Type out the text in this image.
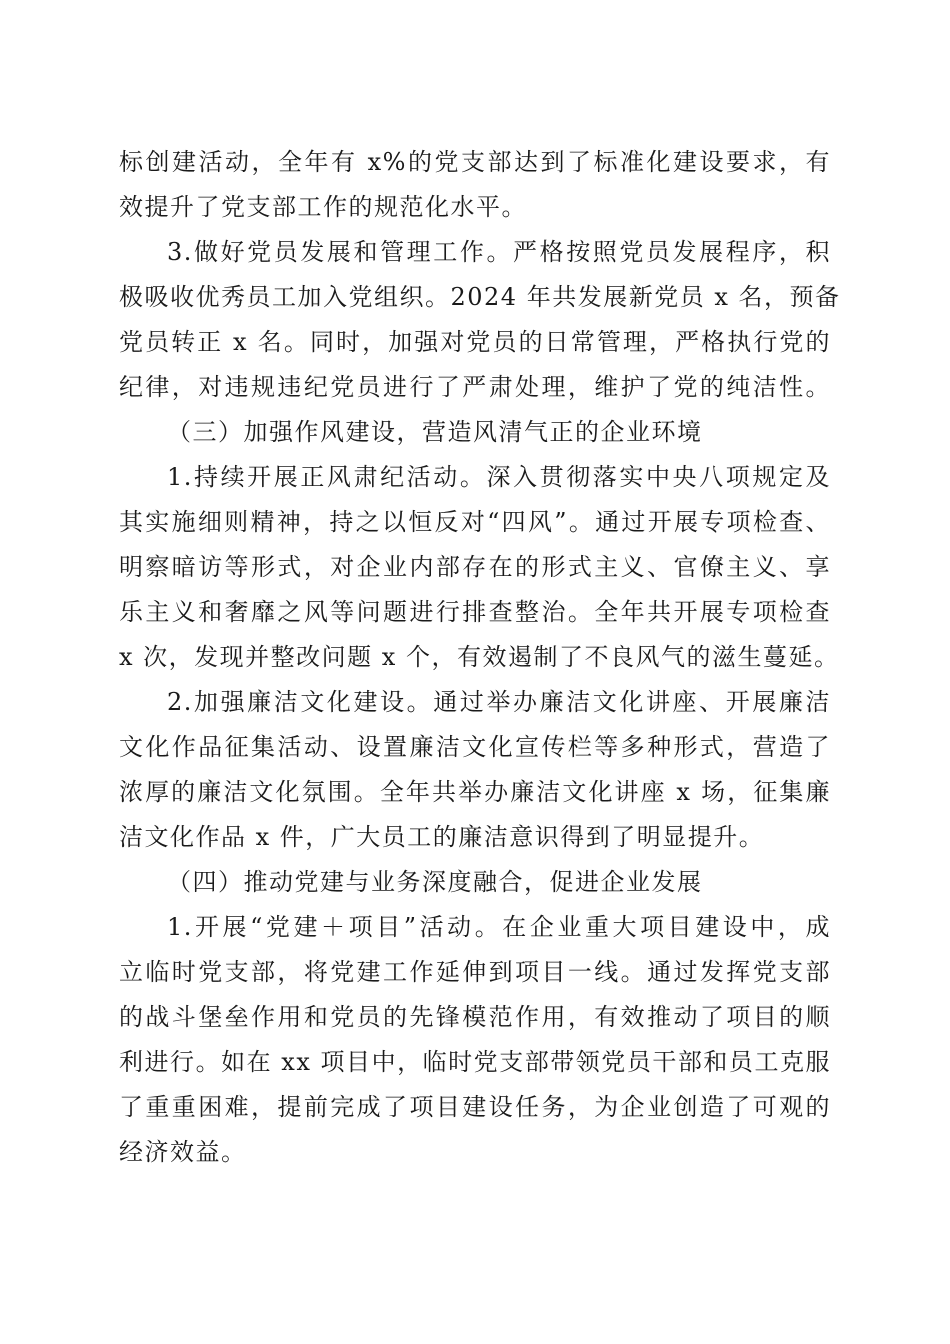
标创建活动，全年有 x%的党支部达到了标准化建设要求，有
效提升了党支部工作的规范化水平。
3.做好党员发展和管理工作。严格按照党员发展程序，积
极吸收优秀员工加入党组织。2024 年共发展新党员 x 名，预备
党员转正 x 名。同时，加强对党员的日常管理，严格执行党的
纪律，对违规违纪党员进行了严肃处理，维护了党的纯洁性。
（三）加强作风建设，营造风清气正的企业环境
1.持续开展正风肃纪活动。深入贯彻落实中央八项规定及
其实施细则精神，持之以恒反对“四风”。通过开展专项检查、
明察暗访等形式，对企业内部存在的形式主义、官僚主义、享
乐主义和奢靡之风等问题进行排查整治。全年共开展专项检查
x 次，发现并整改问题 x 个，有效遏制了不良风气的滋生蔓延。
2.加强廉洁文化建设。通过举办廉洁文化讲座、开展廉洁
文化作品征集活动、设置廉洁文化宣传栏等多种形式，营造了
浓厚的廉洁文化氛围。全年共举办廉洁文化讲座 x 场，征集廉
洁文化作品 x 件，广大员工的廉洁意识得到了明显提升。
（四）推动党建与业务深度融合，促进企业发展
1.开展“党建＋项目”活动。在企业重大项目建设中，成
立临时党支部，将党建工作延伸到项目一线。通过发挥党支部
的战斗堡垒作用和党员的先锋模范作用，有效推动了项目的顺
利进行。如在 xx 项目中，临时党支部带领党员干部和员工克服
了重重困难，提前完成了项目建设任务，为企业创造了可观的
经济效益。
